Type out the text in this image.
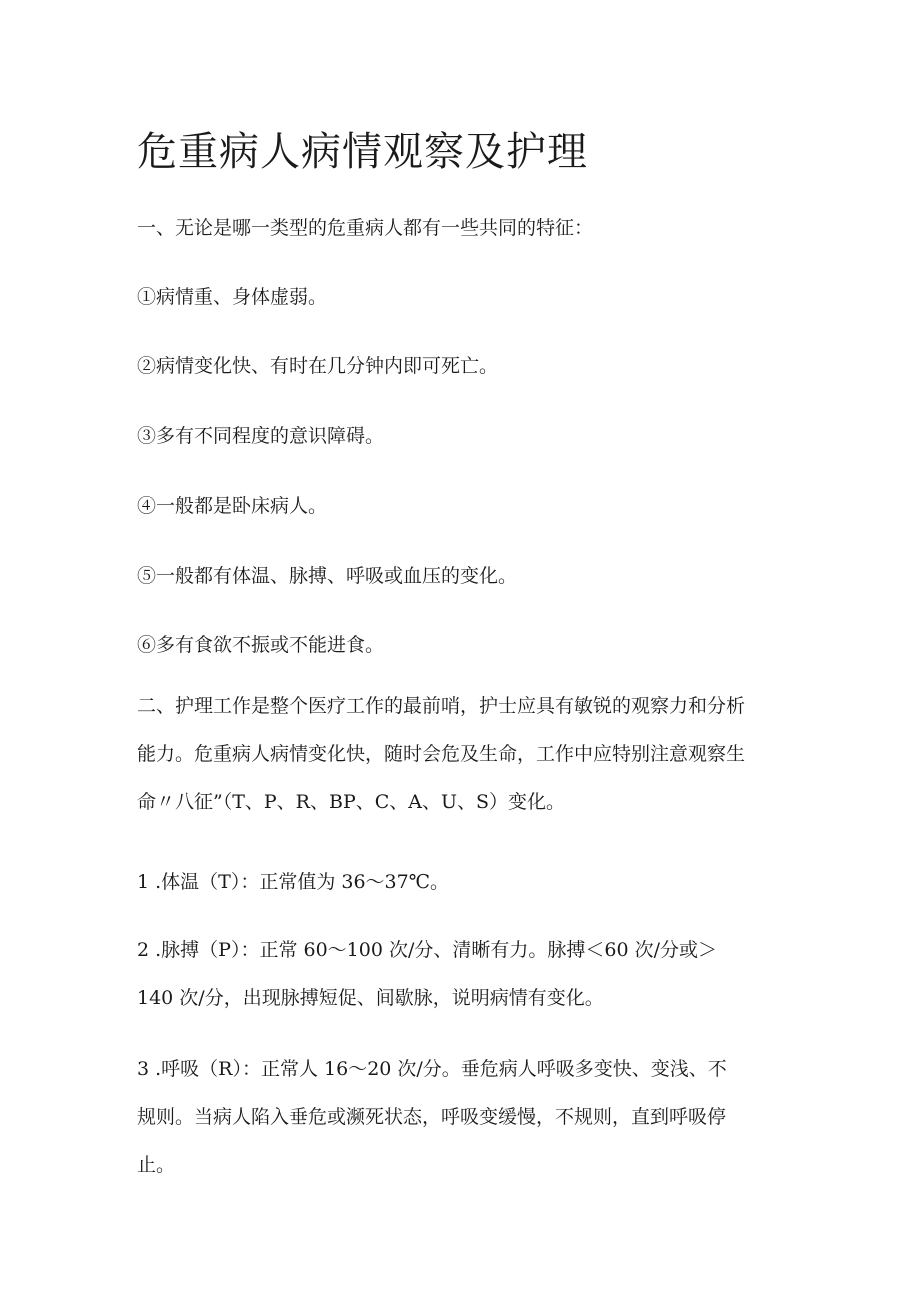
危重病人病情观察及护理

一、无论是哪一类型的危重病人都有一些共同的特征：

①病情重、身体虚弱。

②病情变化快、有时在几分钟内即可死亡。

③多有不同程度的意识障碍。

④一般都是卧床病人。

⑤一般都有体温、脉搏、呼吸或血压的变化。

⑥多有食欲不振或不能进食。

二、护理工作是整个医疗工作的最前哨，护士应具有敏锐的观察力和分析
能力。危重病人病情变化快，随时会危及生命，工作中应特别注意观察生
命〃八征”（T、P、R、BP、C、A、U、S）变化。
1 .体温（T）：正常值为 36～37℃。
2 .脉搏（P）：正常 60～100 次/分、清晰有力。脉搏＜60 次/分或＞
140 次/分，出现脉搏短促、间歇脉，说明病情有变化。
3 .呼吸（R）：正常人 16～20 次/分。垂危病人呼吸多变快、变浅、不
规则。当病人陷入垂危或濒死状态，呼吸变缓慢，不规则，直到呼吸停
止。
